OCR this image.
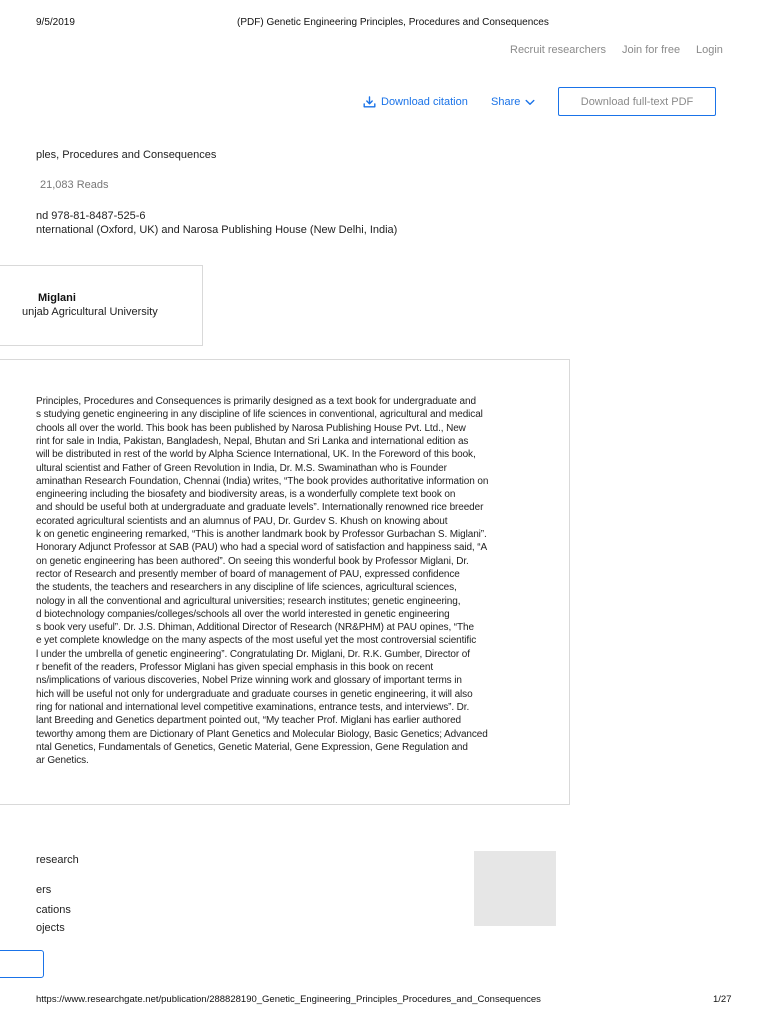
9/5/2019	(PDF) Genetic Engineering Principles, Procedures and Consequences
Recruit researchers Join for free Login
Download citation Share	Download full-text PDF
ples, Procedures and Consequences
21,083 Reads
nd 978-81-8487-525-6
nternational (Oxford, UK) and Narosa Publishing House (New Delhi, India)
Miglani
unjab Agricultural University
Principles, Procedures and Consequences is primarily designed as a text book for undergraduate and
s studying genetic engineering in any discipline of life sciences in conventional, agricultural and medical
chools all over the world. This book has been published by Narosa Publishing House Pvt. Ltd., New
rint for sale in India, Pakistan, Bangladesh, Nepal, Bhutan and Sri Lanka and international edition as
will be distributed in rest of the world by Alpha Science International, UK. In the Foreword of this book,
ultural scientist and Father of Green Revolution in India, Dr. M.S. Swaminathan who is Founder
aminathan Research Foundation, Chennai (India) writes, “The book provides authoritative information on
engineering including the biosafety and biodiversity areas, is a wonderfully complete text book on
and should be useful both at undergraduate and graduate levels”. Internationally renowned rice breeder
ecorated agricultural scientists and an alumnus of PAU, Dr. Gurdev S. Khush on knowing about
k on genetic engineering remarked, “This is another landmark book by Professor Gurbachan S. Miglani”.
Honorary Adjunct Professor at SAB (PAU) who had a special word of satisfaction and happiness said, “A
on genetic engineering has been authored”. On seeing this wonderful book by Professor Miglani, Dr.
rector of Research and presently member of board of management of PAU, expressed confidence
the students, the teachers and researchers in any discipline of life sciences, agricultural sciences,
nology in all the conventional and agricultural universities; research institutes; genetic engineering,
d biotechnology companies/colleges/schools all over the world interested in genetic engineering
s book very useful”. Dr. J.S. Dhiman, Additional Director of Research (NR&PHM) at PAU opines, “The
e yet complete knowledge on the many aspects of the most useful yet the most controversial scientific
l under the umbrella of genetic engineering”. Congratulating Dr. Miglani, Dr. R.K. Gumber, Director of
r benefit of the readers, Professor Miglani has given special emphasis in this book on recent
ns/implications of various discoveries, Nobel Prize winning work and glossary of important terms in
hich will be useful not only for undergraduate and graduate courses in genetic engineering, it will also
ring for national and international level competitive examinations, entrance tests, and interviews”. Dr.
lant Breeding and Genetics department pointed out, “My teacher Prof. Miglani has earlier authored
teworthy among them are Dictionary of Plant Genetics and Molecular Biology, Basic Genetics; Advanced
ntal Genetics, Fundamentals of Genetics, Genetic Material, Gene Expression, Gene Regulation and
ar Genetics.
research
ers
cations
ojects
https://www.researchgate.net/publication/288828190_Genetic_Engineering_Principles_Procedures_and_Consequences	1/27
